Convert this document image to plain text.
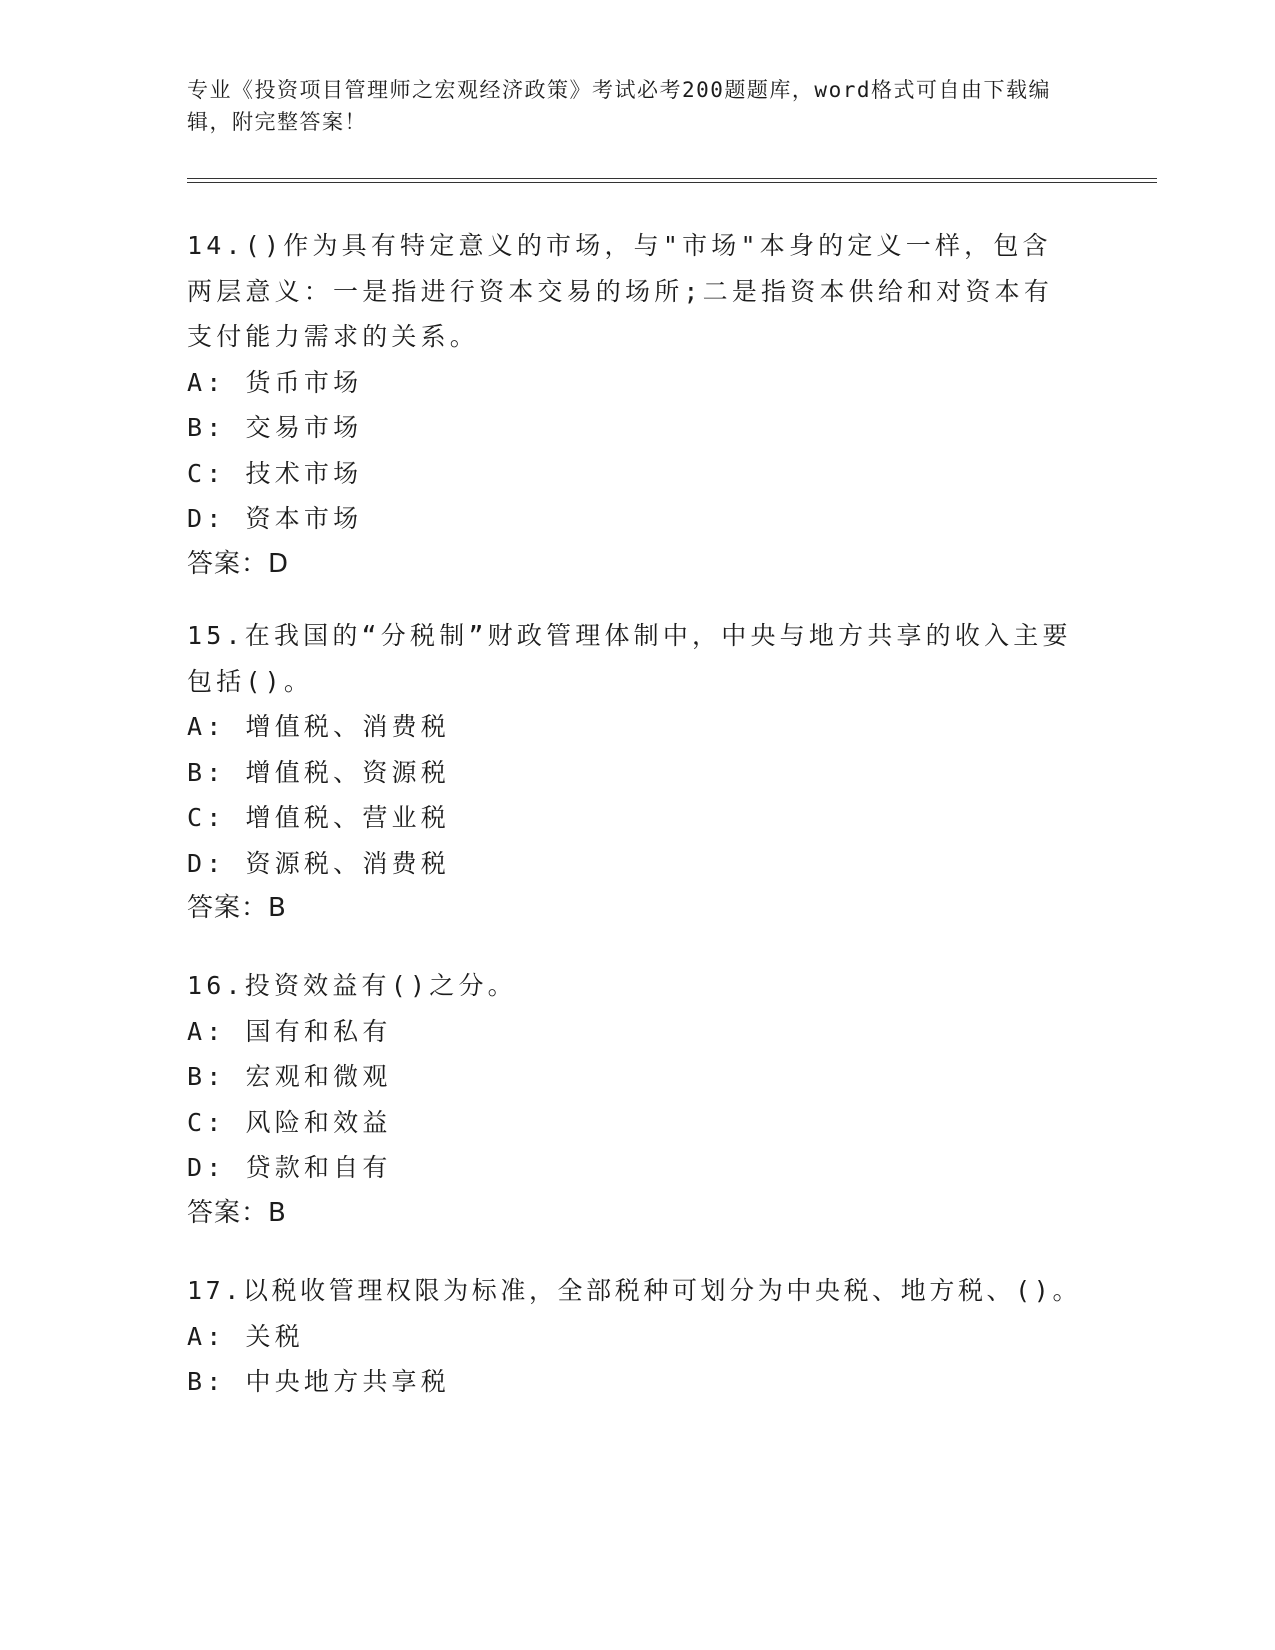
专业《投资项目管理师之宏观经济政策》考试必考200题题库，word格式可自由下载编辑，附完整答案！

14.()作为具有特定意义的市场，与"市场"本身的定义一样，包含两层意义：一是指进行资本交易的场所;二是指资本供给和对资本有支付能力需求的关系。

A: 货币市场

B: 交易市场

C: 技术市场

D: 资本市场

答案：D

15.在我国的“分税制”财政管理体制中，中央与地方共享的收入主要包括()。

A: 增值税、消费税

B: 增值税、资源税

C: 增值税、营业税

D: 资源税、消费税

答案：B

16.投资效益有()之分。

A: 国有和私有

B: 宏观和微观

C: 风险和效益

D: 贷款和自有

答案：B

17.以税收管理权限为标准，全部税种可划分为中央税、地方税、()。

A: 关税

B: 中央地方共享税
